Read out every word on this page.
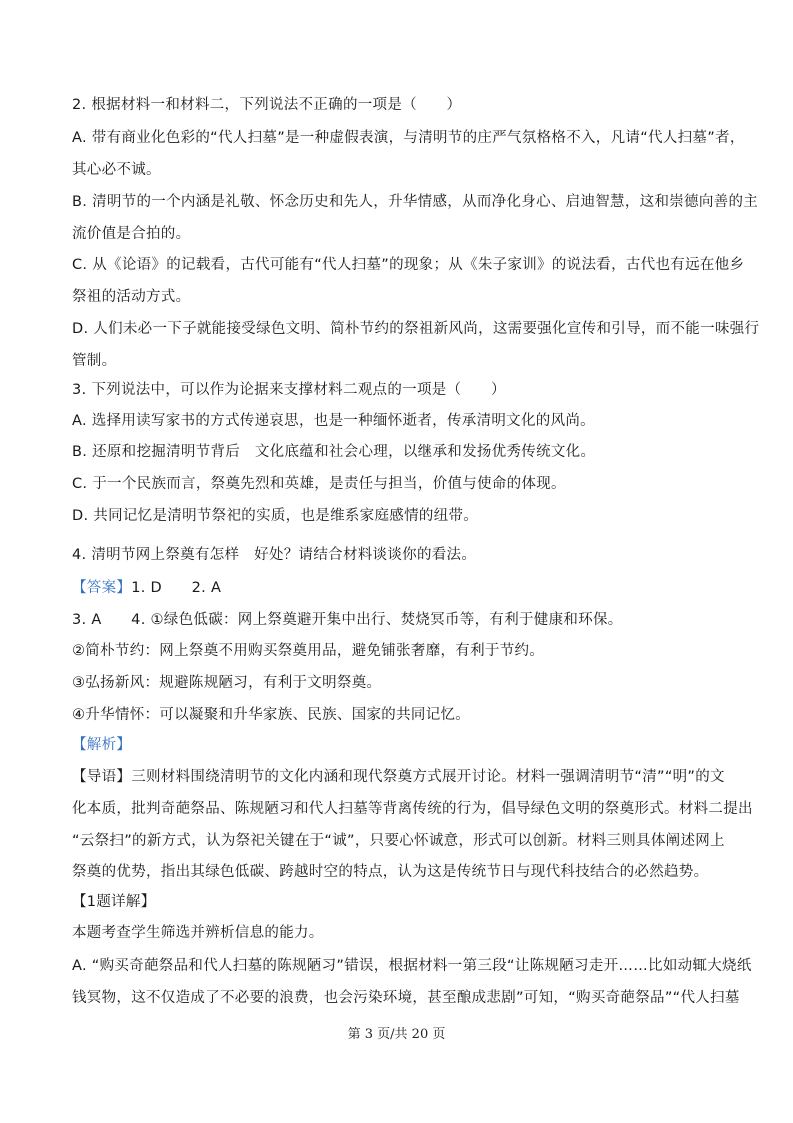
2. 根据材料一和材料二，下列说法不正确的一项是（　　）
A. 带有商业化色彩的“代人扫墓”是一种虚假表演，与清明节的庄严气氛格格不入，凡请“代人扫墓”者，
其心必不诚。
B. 清明节的一个内涵是礼敬、怀念历史和先人，升华情感，从而净化身心、启迪智慧，这和崇德向善的主
流价值是合拍的。
C. 从《论语》的记载看，古代可能有“代人扫墓”的现象；从《朱子家训》的说法看，古代也有远在他乡
祭祖的活动方式。
D. 人们未必一下子就能接受绿色文明、简朴节约的祭祖新风尚，这需要强化宣传和引导，而不能一味强行
管制。
3. 下列说法中，可以作为论据来支撑材料二观点的一项是（　　）
A. 选择用读写家书的方式传递哀思，也是一种缅怀逝者，传承清明文化的风尚。
B. 还原和挖掘清明节背后　文化底蕴和社会心理，以继承和发扬优秀传统文化。
C. 于一个民族而言，祭奠先烈和英雄，是责任与担当，价值与使命的体现。
D. 共同记忆是清明节祭祀的实质，也是维系家庭感情的纽带。
4. 清明节网上祭奠有怎样　好处？请结合材料谈谈你的看法。
【答案】1. D　　2. A
3. A　　4. ①绿色低碳：网上祭奠避开集中出行、焚烧冥币等，有利于健康和环保。
②简朴节约：网上祭奠不用购买祭奠用品，避免铺张奢靡，有利于节约。
③弘扬新风：规避陈规陋习，有利于文明祭奠。
④升华情怀：可以凝聚和升华家族、民族、国家的共同记忆。
【解析】
【导语】三则材料围绕清明节的文化内涵和现代祭奠方式展开讨论。材料一强调清明节“清”“明”的文
化本质，批判奇葩祭品、陈规陋习和代人扫墓等背离传统的行为，倡导绿色文明的祭奠形式。材料二提出
“云祭扫”的新方式，认为祭祀关键在于“诚”，只要心怀诚意，形式可以创新。材料三则具体阐述网上
祭奠的优势，指出其绿色低碳、跨越时空的特点，认为这是传统节日与现代科技结合的必然趋势。
【1题详解】
本题考查学生筛选并辨析信息的能力。
A. “购买奇葩祭品和代人扫墓的陈规陋习”错误，根据材料一第三段“让陈规陋习走开……比如动辄大烧纸
钱冥物，这不仅造成了不必要的浪费，也会污染环境，甚至酿成悲剧”可知，“购买奇葩祭品”“代人扫墓
第 3 页/共 20 页
